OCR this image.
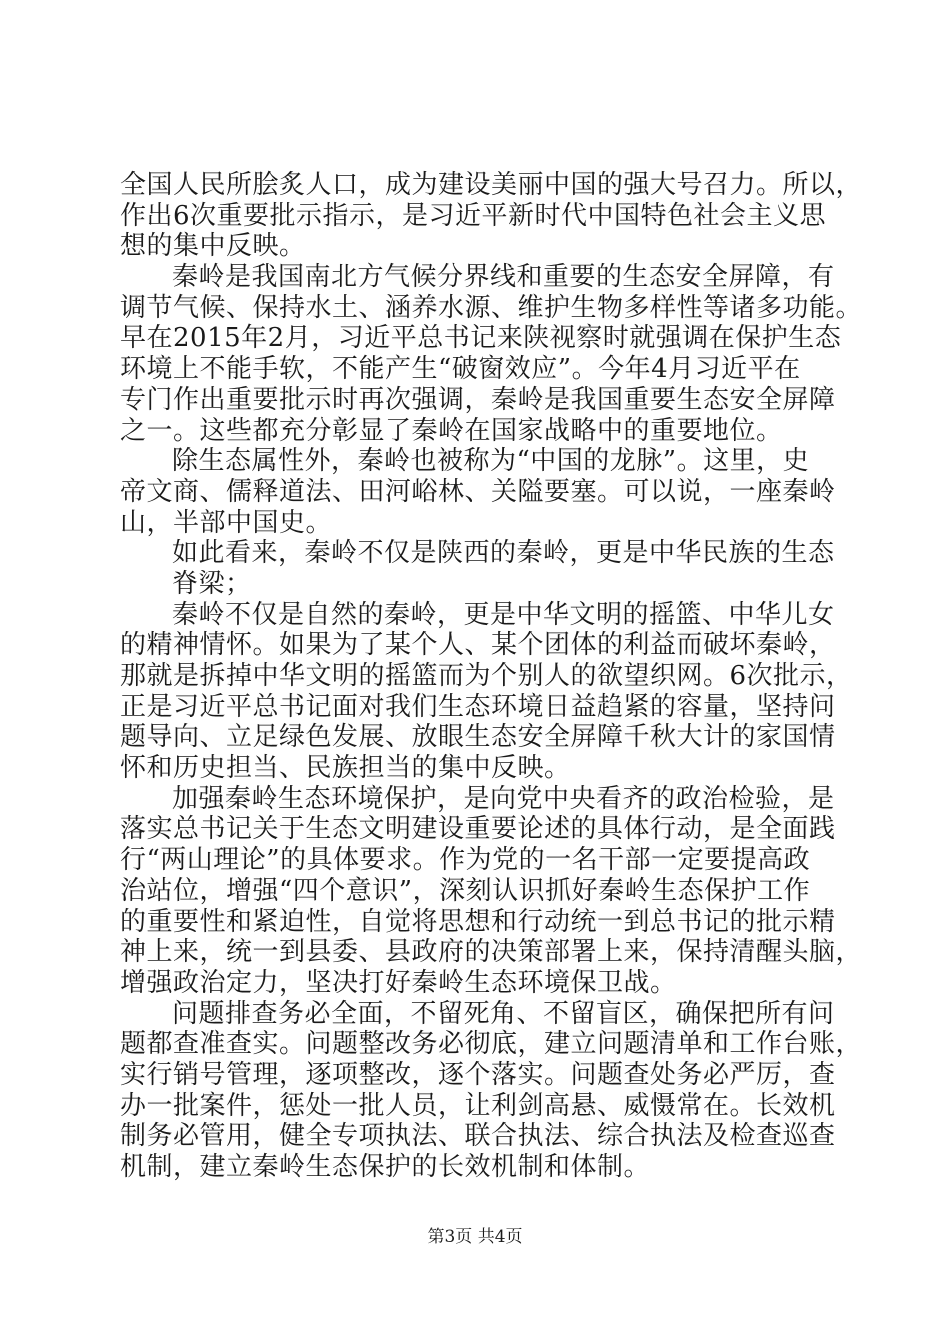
全国人民所脍炙人口，成为建设美丽中国的强大号召力。所以，
作出6次重要批示指示，是习近平新时代中国特色社会主义思
想的集中反映。
秦岭是我国南北方气候分界线和重要的生态安全屏障，有
调节气候、保持水土、涵养水源、维护生物多样性等诸多功能。
早在2015年2月，习近平总书记来陕视察时就强调在保护生态
环境上不能手软，不能产生“破窗效应”。今年4月习近平在
专门作出重要批示时再次强调，秦岭是我国重要生态安全屏障
之一。这些都充分彰显了秦岭在国家战略中的重要地位。
除生态属性外，秦岭也被称为“中国的龙脉”。这里，史
帝文商、儒释道法、田河峪林、关隘要塞。可以说，一座秦岭
山，半部中国史。
如此看来，秦岭不仅是陕西的秦岭，更是中华民族的生态
脊梁；
秦岭不仅是自然的秦岭，更是中华文明的摇篮、中华儿女
的精神情怀。如果为了某个人、某个团体的利益而破坏秦岭，
那就是拆掉中华文明的摇篮而为个别人的欲望织网。6次批示，
正是习近平总书记面对我们生态环境日益趋紧的容量，坚持问
题导向、立足绿色发展、放眼生态安全屏障千秋大计的家国情
怀和历史担当、民族担当的集中反映。
加强秦岭生态环境保护，是向党中央看齐的政治检验，是
落实总书记关于生态文明建设重要论述的具体行动，是全面践
行“两山理论”的具体要求。作为党的一名干部一定要提高政
治站位，增强“四个意识”，深刻认识抓好秦岭生态保护工作
的重要性和紧迫性，自觉将思想和行动统一到总书记的批示精
神上来，统一到县委、县政府的决策部署上来，保持清醒头脑，
增强政治定力，坚决打好秦岭生态环境保卫战。
问题排查务必全面，不留死角、不留盲区，确保把所有问
题都查准查实。问题整改务必彻底，建立问题清单和工作台账，
实行销号管理，逐项整改，逐个落实。问题查处务必严厉，查
办一批案件，惩处一批人员，让利剑高悬、威慑常在。长效机
制务必管用，健全专项执法、联合执法、综合执法及检查巡查
机制，建立秦岭生态保护的长效机制和体制。
第3页 共4页
